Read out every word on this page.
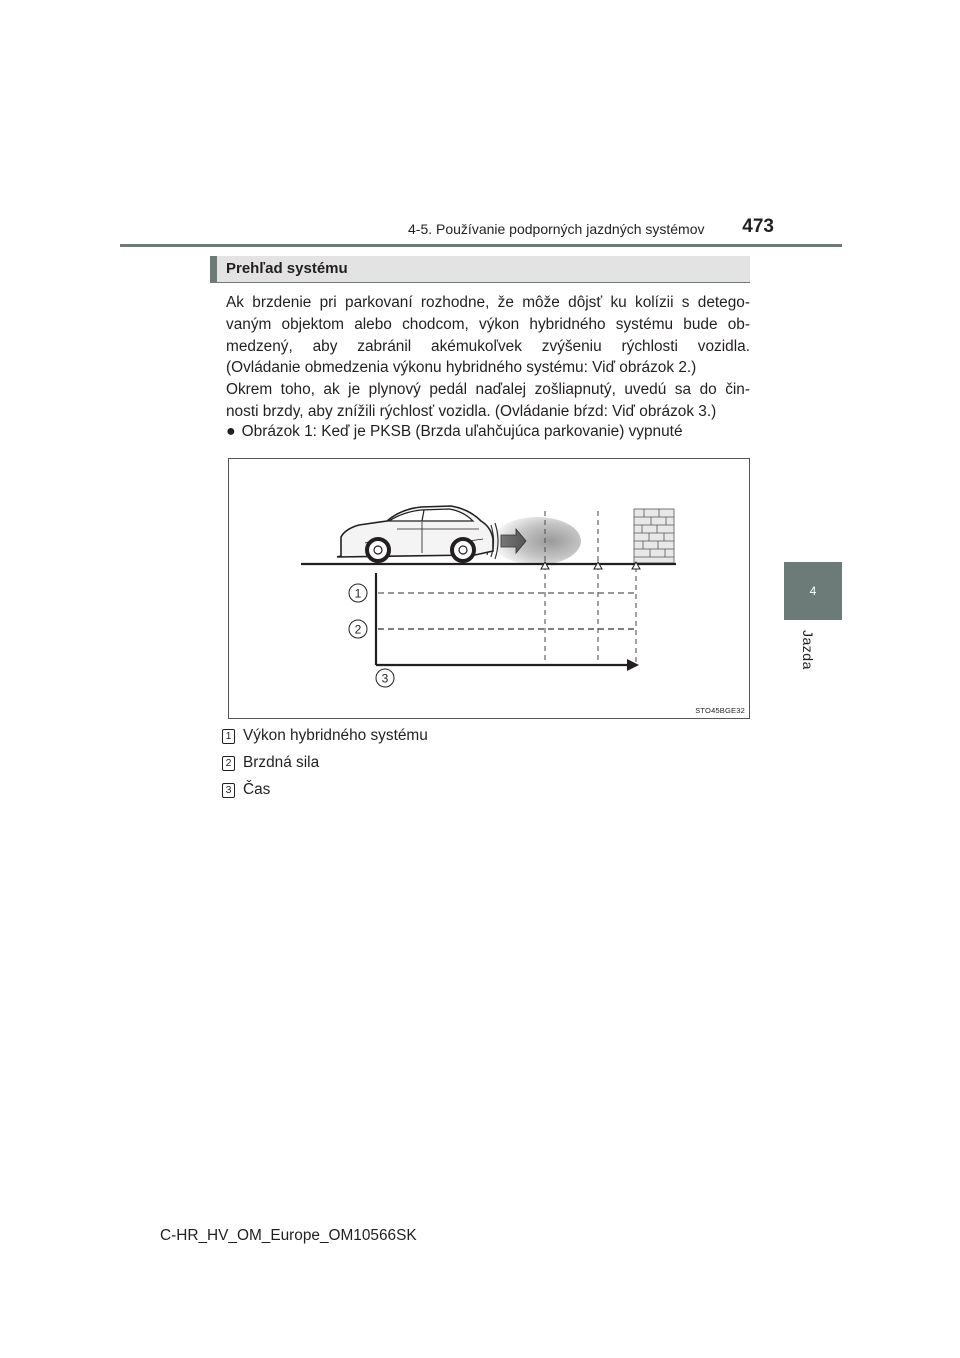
4-5. Používanie podporných jazdných systémov	473
4
Jazda
Prehľad systému

Ak brzdenie pri parkovaní rozhodne, že môže dôjsť ku kolízii s detego-

vaným objektom alebo chodcom, výkon hybridného systému bude ob-

medzený, aby zabránil akémukoľvek zvýšeniu rýchlosti vozidla.

(Ovládanie obmedzenia výkonu hybridného systému: Viď obrázok 2.)

Okrem toho, ak je plynový pedál naďalej zošliapnutý, uvedú sa do čin-

nosti brzdy, aby znížili rýchlosť vozidla. (Ovládanie bŕzd: Viď obrázok 3.)

● Obrázok 1: Keď je PKSB (Brzda uľahčujúca parkovanie) vypnuté
1
2
3
STO45BGE32
1 Výkon hybridného systému
2 Brzdná sila
3 Čas
C-HR_HV_OM_Europe_OM10566SK
